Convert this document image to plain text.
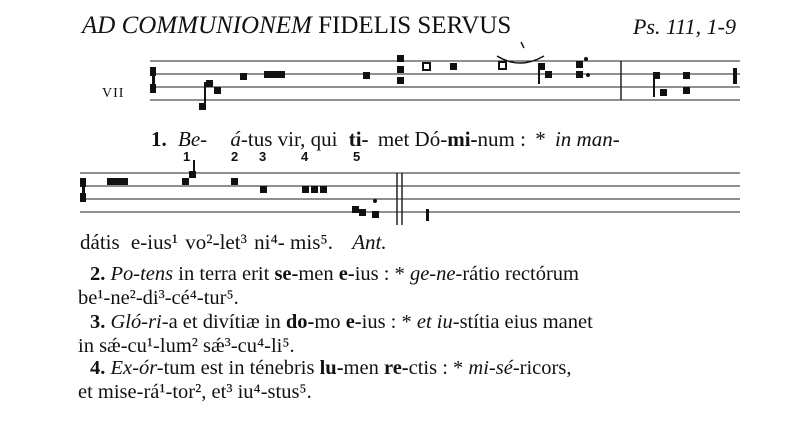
AD COMMUNIONEM FIDELIS SERVUS	Ps. 111, 1-9
VII
1. Be- á-tus vir, qui ti- met Dó-mi-num : * in man-
1	2 3	4	5
dátis e-ius¹ vo²-let³ ni⁴- mis⁵. Ant.
2. Po-tens in terra erit se-men e-ius : * ge-ne-rátio rectórum
be¹-ne²-di³-cé⁴-tur⁵.
3. Gló-ri-a et divítiæ in do-mo e-ius : * et iu-stítia eius manet
in sǽ-cu¹-lum² sǽ³-cu⁴-li⁵.
4. Ex-ór-tum est in ténebris lu-men re-ctis : * mi-sé-ricors,
et mise-rá¹-tor², et³ iu⁴-stus⁵.
